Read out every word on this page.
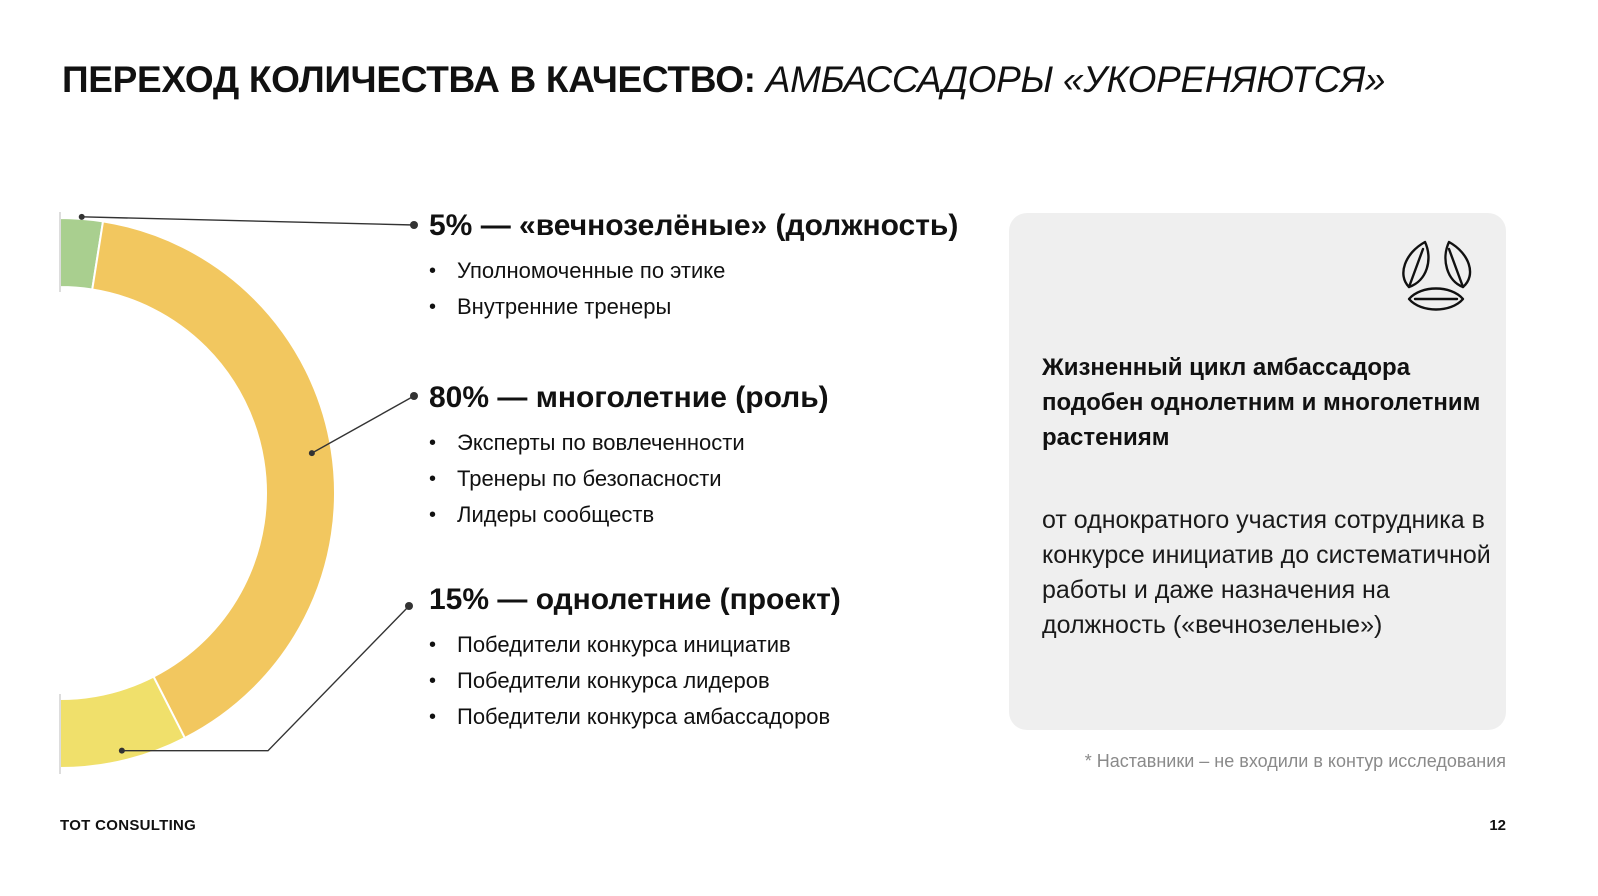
ПЕРЕХОД КОЛИЧЕСТВА В КАЧЕСТВО: АМБАССАДОРЫ «УКОРЕНЯЮТСЯ»
5% — «вечнозелёные» (должность)
• Уполномоченные по этике
• Внутренние тренеры
80% — многолетние (роль)
• Эксперты по вовлеченности
• Тренеры по безопасности
• Лидеры сообществ
15% — однолетние (проект)
• Победители конкурса инициатив
• Победители конкурса лидеров
• Победители конкурса амбассадоров

Жизненный цикл амбассадора подобен однолетним и многолетним растениям

от однократного участия сотрудника в конкурсе инициатив до систематичной работы и даже назначения на должность («вечнозеленые»)

* Наставники – не входили в контур исследования
TOT CONSULTING	12
